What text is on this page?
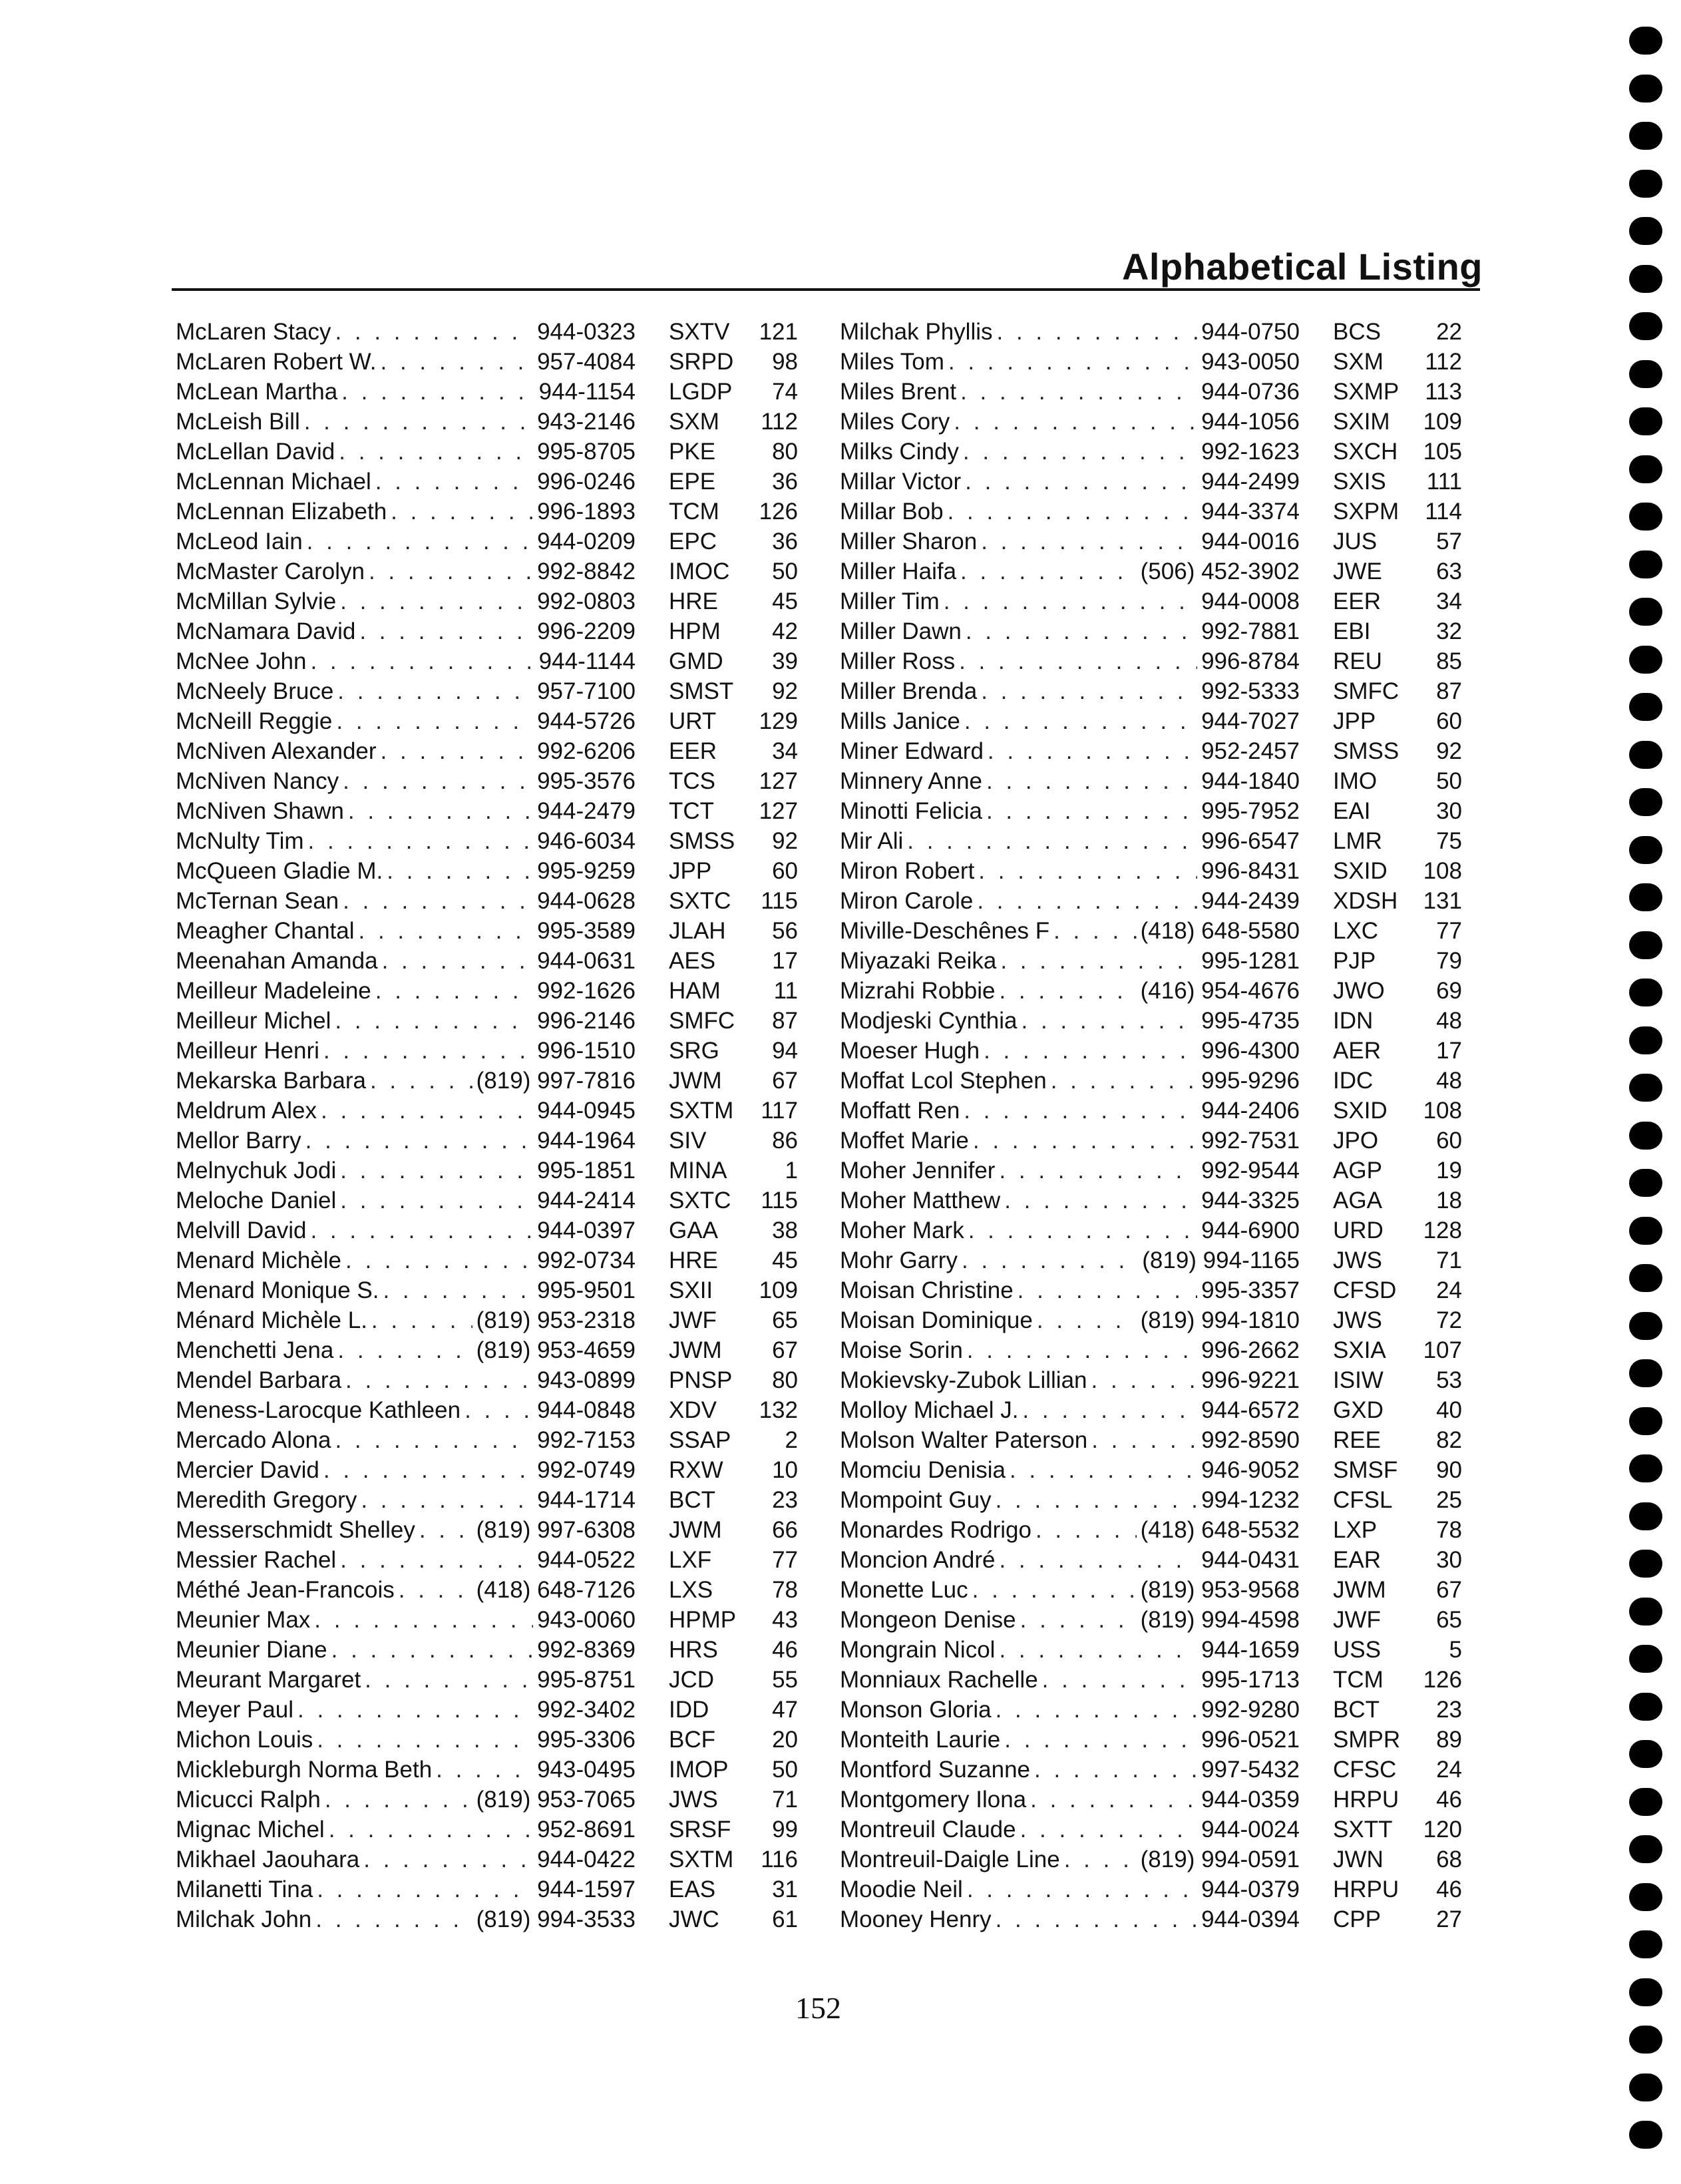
Alphabetical Listing
McLaren Stacy . . .	944-0323	SXTV	121
McLaren Robert W. . . .	957-4084	SRPD	98
McLean Martha . . .	944-1154	LGDP	74
McLeish Bill . . .	943-2146	SXM	112
McLellan David . . .	995-8705	PKE	80
McLennan Michael . . .	996-0246	EPE	36
McLennan Elizabeth . . .	996-1893	TCM	126
McLeod Iain . . .	944-0209	EPC	36
McMaster Carolyn . . .	992-8842	IMOC	50
McMillan Sylvie . . .	992-0803	HRE	45
McNamara David . . .	996-2209	HPM	42
McNee John . . .	944-1144	GMD	39
McNeely Bruce . . .	957-7100	SMST	92
McNeill Reggie . . .	944-5726	URT	129
McNiven Alexander . . .	992-6206	EER	34
McNiven Nancy . . .	995-3576	TCS	127
McNiven Shawn . . .	944-2479	TCT	127
McNulty Tim . . .	946-6034	SMSS	92
McQueen Gladie M. . . .	995-9259	JPP	60
McTernan Sean . . .	944-0628	SXTC	115
Meagher Chantal . . .	995-3589	JLAH	56
Meenahan Amanda . . .	944-0631	AES	17
Meilleur Madeleine . . .	992-1626	HAM	11
Meilleur Michel . . .	996-2146	SMFC	87
Meilleur Henri . . .	996-1510	SRG	94
Mekarska Barbara . . .	(819) 997-7816	JWM	67
Meldrum Alex . . .	944-0945	SXTM	117
Mellor Barry . . .	944-1964	SIV	86
Melnychuk Jodi . . .	995-1851	MINA	1
Meloche Daniel . . .	944-2414	SXTC	115
Melvill David . . .	944-0397	GAA	38
Menard Michèle . . .	992-0734	HRE	45
Menard Monique S. . . .	995-9501	SXII	109
Ménard Michèle L. . . .	(819) 953-2318	JWF	65
Menchetti Jena . . .	(819) 953-4659	JWM	67
Mendel Barbara . . .	943-0899	PNSP	80
Meness-Larocque Kathleen . . .	944-0848	XDV	132
Mercado Alona . . .	992-7153	SSAP	2
Mercier David . . .	992-0749	RXW	10
Meredith Gregory . . .	944-1714	BCT	23
Messerschmidt Shelley . . .	(819) 997-6308	JWM	66
Messier Rachel . . .	944-0522	LXF	77
Méthé Jean-Francois . . .	(418) 648-7126	LXS	78
Meunier Max . . .	943-0060	HPMP	43
Meunier Diane . . .	992-8369	HRS	46
Meurant Margaret . . .	995-8751	JCD	55
Meyer Paul . . .	992-3402	IDD	47
Michon Louis . . .	995-3306	BCF	20
Mickleburgh Norma Beth . . .	943-0495	IMOP	50
Micucci Ralph . . .	(819) 953-7065	JWS	71
Mignac Michel . . .	952-8691	SRSF	99
Mikhael Jaouhara . . .	944-0422	SXTM	116
Milanetti Tina . . .	944-1597	EAS	31
Milchak John . . .	(819) 994-3533	JWC	61
Milchak Phyllis . . .	944-0750	BCS	22
Miles Tom . . .	943-0050	SXM	112
Miles Brent . . .	944-0736	SXMP	113
Miles Cory . . .	944-1056	SXIM	109
Milks Cindy . . .	992-1623	SXCH	105
Millar Victor . . .	944-2499	SXIS	111
Millar Bob . . .	944-3374	SXPM	114
Miller Sharon . . .	944-0016	JUS	57
Miller Haifa . . .	(506) 452-3902	JWE	63
Miller Tim . . .	944-0008	EER	34
Miller Dawn . . .	992-7881	EBI	32
Miller Ross . . .	996-8784	REU	85
Miller Brenda . . .	992-5333	SMFC	87
Mills Janice . . .	944-7027	JPP	60
Miner Edward . . .	952-2457	SMSS	92
Minnery Anne . . .	944-1840	IMO	50
Minotti Felicia . . .	995-7952	EAI	30
Mir Ali . . .	996-6547	LMR	75
Miron Robert . . .	996-8431	SXID	108
Miron Carole . . .	944-2439	XDSH	131
Miville-Deschênes F . . .	(418) 648-5580	LXC	77
Miyazaki Reika . . .	995-1281	PJP	79
Mizrahi Robbie . . .	(416) 954-4676	JWO	69
Modjeski Cynthia . . .	995-4735	IDN	48
Moeser Hugh . . .	996-4300	AER	17
Moffat Lcol Stephen . . .	995-9296	IDC	48
Moffatt Ren . . .	944-2406	SXID	108
Moffet Marie . . .	992-7531	JPO	60
Moher Jennifer . . .	992-9544	AGP	19
Moher Matthew . . .	944-3325	AGA	18
Moher Mark . . .	944-6900	URD	128
Mohr Garry . . .	(819) 994-1165	JWS	71
Moisan Christine . . .	995-3357	CFSD	24
Moisan Dominique . . .	(819) 994-1810	JWS	72
Moise Sorin . . .	996-2662	SXIA	107
Mokievsky-Zubok Lillian . . .	996-9221	ISIW	53
Molloy Michael J. . . .	944-6572	GXD	40
Molson Walter Paterson . . .	992-8590	REE	82
Momciu Denisia . . .	946-9052	SMSF	90
Mompoint Guy . . .	994-1232	CFSL	25
Monardes Rodrigo . . .	(418) 648-5532	LXP	78
Moncion André . . .	944-0431	EAR	30
Monette Luc . . .	(819) 953-9568	JWM	67
Mongeon Denise . . .	(819) 994-4598	JWF	65
Mongrain Nicol . . .	944-1659	USS	5
Monniaux Rachelle . . .	995-1713	TCM	126
Monson Gloria . . .	992-9280	BCT	23
Monteith Laurie . . .	996-0521	SMPR	89
Montford Suzanne . . .	997-5432	CFSC	24
Montgomery Ilona . . .	944-0359	HRPU	46
Montreuil Claude . . .	944-0024	SXTT	120
Montreuil-Daigle Line . . .	(819) 994-0591	JWN	68
Moodie Neil . . .	944-0379	HRPU	46
Mooney Henry . . .	944-0394	CPP	27
152
